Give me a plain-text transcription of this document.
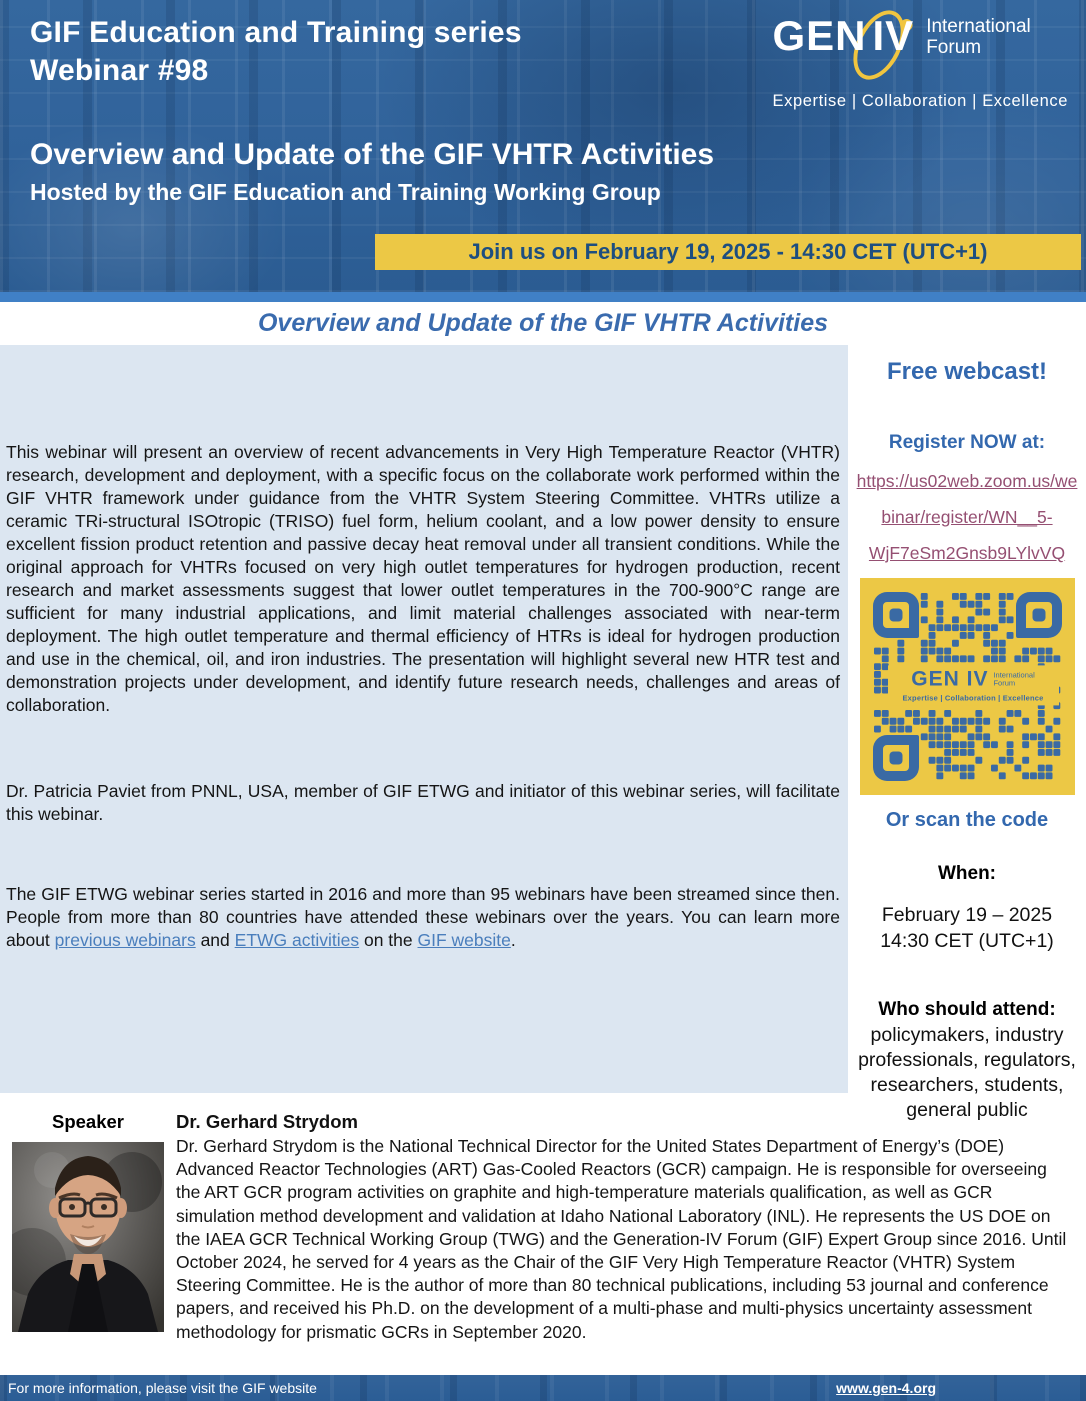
GIF Education and Training series
Webinar #98
GEN IV International
Forum
Expertise | Collaboration | Excellence
Overview and Update of the GIF VHTR Activities
Hosted by the GIF Education and Training Working Group
Join us on February 19, 2025 - 14:30 CET (UTC+1)
Overview and Update of the GIF VHTR Activities

This webinar will present an overview of recent advancements in Very High Temperature Reactor (VHTR) research, development and deployment, with a specific focus on the collaborate work performed within the GIF VHTR framework under guidance from the VHTR System Steering Committee. VHTRs utilize a ceramic TRi-structural ISOtropic (TRISO) fuel form, helium coolant, and a low power density to ensure excellent fission product retention and passive decay heat removal under all transient conditions. While the original approach for VHTRs focused on very high outlet temperatures for hydrogen production, recent research and market assessments suggest that lower outlet temperatures in the 700-900°C range are sufficient for many industrial applications, and limit material challenges associated with near-term deployment. The high outlet temperature and thermal efficiency of HTRs is ideal for hydrogen production and use in the chemical, oil, and iron industries. The presentation will highlight several new HTR test and demonstration projects under development, and identify future research needs, challenges and areas of collaboration.

Dr. Patricia Paviet from PNNL, USA, member of GIF ETWG and initiator of this webinar series, will facilitate this webinar.

The GIF ETWG webinar series started in 2016 and more than 95 webinars have been streamed since then. People from more than 80 countries have attended these webinars over the years. You can learn more about previous webinars and ETWG activities on the GIF website.

Free webcast!
Register NOW at:
https://us02web.zoom.us/we
binar/register/WN__5-
WjF7eSm2Gnsb9LYlvVQ
GEN IV International
Forum
Expertise | Collaboration | Excellence
Or scan the code
When:
February 19 – 2025
14:30 CET (UTC+1)
Who should attend:
policymakers, industry professionals, regulators, researchers, students, general public
Speaker	Dr. Gerhard Strydom
Dr. Gerhard Strydom is the National Technical Director for the United States Department of Energy’s (DOE) Advanced Reactor Technologies (ART) Gas-Cooled Reactors (GCR) campaign. He is responsible for overseeing the ART GCR program activities on graphite and high-temperature materials qualification, as well as GCR simulation method development and validation at Idaho National Laboratory (INL). He represents the US DOE on the IAEA GCR Technical Working Group (TWG) and the Generation-IV Forum (GIF) Expert Group since 2016. Until October 2024, he served for 4 years as the Chair of the GIF Very High Temperature Reactor (VHTR) System Steering Committee. He is the author of more than 80 technical publications, including 53 journal and conference papers, and received his Ph.D. on the development of a multi-phase and multi-physics uncertainty assessment methodology for prismatic GCRs in September 2020.
For more information, please visit the GIF website	www.gen-4.org
